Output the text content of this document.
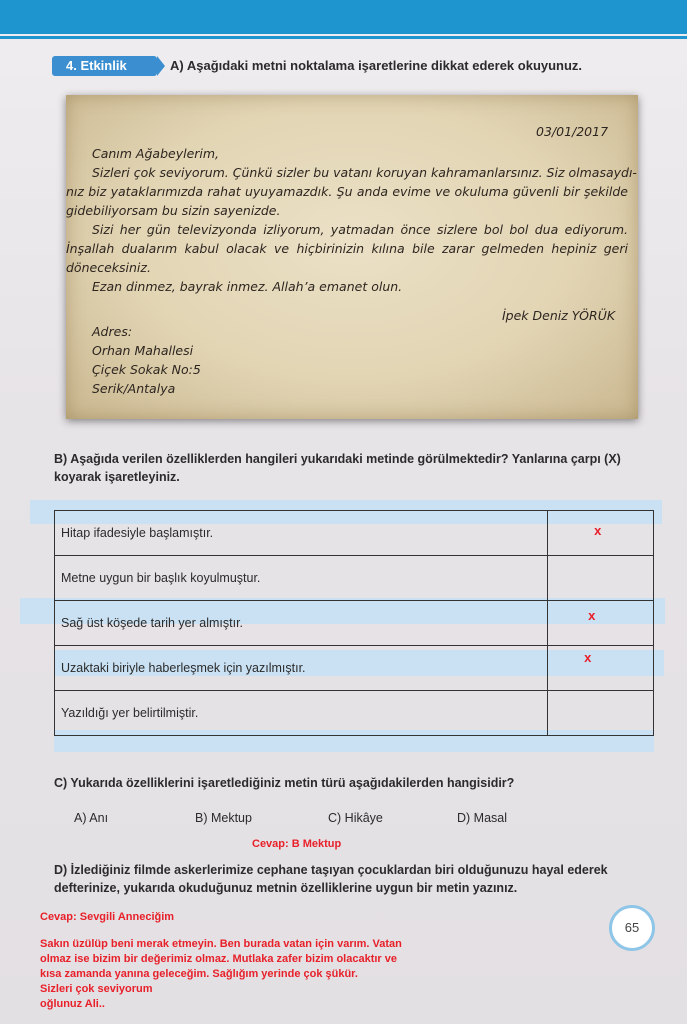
4. Etkinlik	A) Aşağıdaki metni noktalama işaretlerine dikkat ederek okuyunuz.
03/01/2017
Canım Ağabeylerim,
Sizleri çok seviyorum. Çünkü sizler bu vatanı koruyan kahramanlarsınız. Siz olmasaydı-
nız biz yataklarımızda rahat uyuyamazdık. Şu anda evime ve okuluma güvenli bir şekilde
gidebiliyorsam bu sizin sayenizde.
Sizi her gün televizyonda izliyorum, yatmadan önce sizlere bol bol dua ediyorum.
İnşallah dualarım kabul olacak ve hiçbirinizin kılına bile zarar gelmeden hepiniz geri
döneceksiniz.
Ezan dinmez, bayrak inmez. Allah’a emanet olun.
İpek Deniz YÖRÜK
Adres:
Orhan Mahallesi
Çiçek Sokak No:5
Serik/Antalya
B) Aşağıda verilen özelliklerden hangileri yukarıdaki metinde görülmektedir? Yanlarına çarpı (X) koyarak işaretleyiniz.
Hitap ifadesiyle başlamıştır.	x

Metne uygun bir başlık koyulmuştur.	

Sağ üst köşede tarih yer almıştır.	x

Uzaktaki biriyle haberleşmek için yazılmıştır.	x

Yazıldığı yer belirtilmiştir.	
C) Yukarıda özelliklerini işaretlediğiniz metin türü aşağıdakilerden hangisidir?
A) Anı	B) Mektup	C) Hikâye	D) Masal
Cevap: B Mektup
D) İzlediğiniz filmde askerlerimize cephane taşıyan çocuklardan biri olduğunuzu hayal ederek defterinize, yukarıda okuduğunuz metnin özelliklerine uygun bir metin yazınız.
Cevap: Sevgili Anneciğim
Sakın üzülüp beni merak etmeyin. Ben burada vatan için varım. Vatan
olmaz ise bizim bir değerimiz olmaz. Mutlaka zafer bizim olacaktır ve
kısa zamanda yanına geleceğim. Sağlığım yerinde çok şükür.
Sizleri çok seviyorum
oğlunuz Ali..
65
